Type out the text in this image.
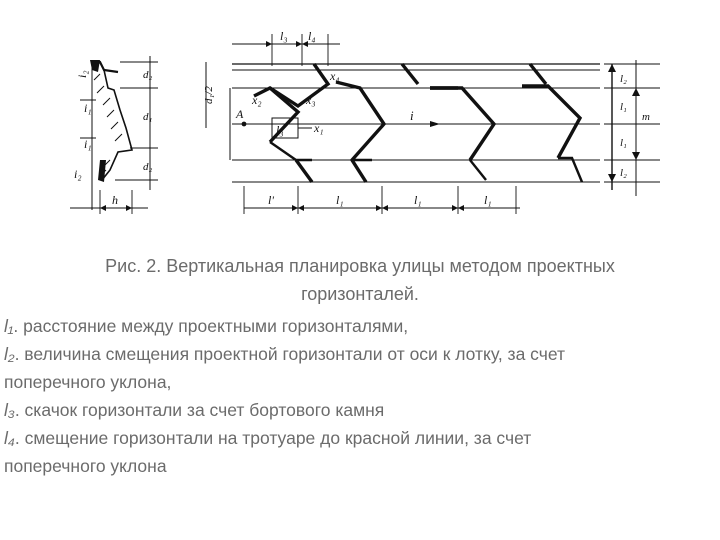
i₂	d₂
i₁
d₁
i₁
i₂	d₂
h
l₃ l₄
x₄
x₂	x₃
l₃	x₁
A	i
d₁/2
l'	l₁	l₁	l₁
l₂
l₁
m
l₁
l₂
Рис. 2. Вертикальная планировка улицы методом проектных
горизонталей.
l₁. расстояние между проектными горизонталями,
l₂. величина смещения проектной горизонтали от оси к лотку, за счет
поперечного уклона,
l₃. скачок горизонтали за счет бортового камня
l₄. смещение горизонтали на тротуаре до красной линии, за счет
поперечного уклона
